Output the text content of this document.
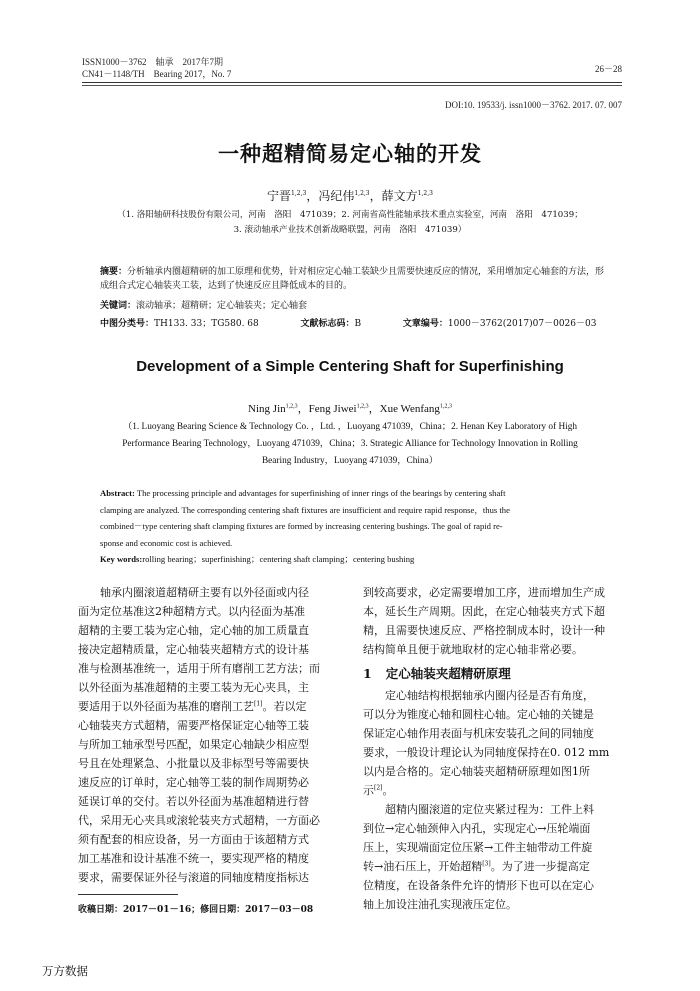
ISSN1000－3762 轴承 2017年7期
CN41－1148/TH Bearing 2017，No. 7	26－28
DOI:10. 19533/j. issn1000－3762. 2017. 07. 007
一种超精简易定心轴的开发
宁晋$^{1,2,3}$，冯纪伟$^{1,2,3}$，薛文方$^{1,2,3}$
（1. 洛阳轴研科技股份有限公司，河南　洛阳　471039；2. 河南省高性能轴承技术重点实验室，河南　洛阳　471039；
3. 滚动轴承产业技术创新战略联盟，河南　洛阳　471039）
摘要：分析轴承内圈超精研的加工原理和优势，针对相应定心轴工装缺少且需要快速反应的情况，采用增加定心轴套的方法，形成组合式定心轴装夹工装，达到了快速反应且降低成本的目的。
关键词：滚动轴承；超精研；定心轴装夹；定心轴套
中图分类号：TH133. 33；TG580. 68	文献标志码：B	文章编号：1000－3762(2017)07－0026－03
Development of a Simple Centering Shaft for Superfinishing
Ning Jin$^{1,2,3}$，Feng Jiwei$^{1,2,3}$，Xue Wenfang$^{1,2,3}$
（1. Luoyang Bearing Science & Technology Co. ，Ltd. ，Luoyang 471039，China；2. Henan Key Laboratory of High
Performance Bearing Technology，Luoyang 471039，China；3. Strategic Alliance for Technology Innovation in Rolling
Bearing Industry，Luoyang 471039，China）
Abstract: The processing principle and advantages for superfinishing of inner rings of the bearings by centering shaft
clamping are analyzed. The corresponding centering shaft fixtures are insufficient and require rapid response，thus the
combined－type centering shaft clamping fixtures are formed by increasing centering bushings. The goal of rapid re-
sponse and economic cost is achieved.
Key words:rolling bearing；superfinishing；centering shaft clamping；centering bushing
轴承内圈滚道超精研主要有以外径面或内径
面为定位基准这2种超精方式。以内径面为基准
超精的主要工装为定心轴，定心轴的加工质量直
接决定超精质量，定心轴装夹超精方式的设计基
准与检测基准统一，适用于所有磨削工艺方法；而
以外径面为基准超精的主要工装为无心夹具，主
要适用于以外径面为基准的磨削工艺[1]。若以定
心轴装夹方式超精，需要严格保证定心轴等工装
与所加工轴承型号匹配，如果定心轴缺少相应型
号且在处理紧急、小批量以及非标型号等需要快
速反应的订单时，定心轴等工装的制作周期势必
延误订单的交付。若以外径面为基准超精进行替
代，采用无心夹具或滚轮装夹方式超精，一方面必
须有配套的相应设备，另一方面由于该超精方式
加工基准和设计基准不统一，要实现严格的精度
要求，需要保证外径与滚道的同轴度精度指标达
收稿日期：2017－01－16；修回日期：2017－03－08
到较高要求，必定需要增加工序，进而增加生产成
本，延长生产周期。因此，在定心轴装夹方式下超
精，且需要快速反应、严格控制成本时，设计一种
结构简单且便于就地取材的定心轴非常必要。
1 定心轴装夹超精研原理
定心轴结构根据轴承内圈内径是否有角度，
可以分为锥度心轴和圆柱心轴。定心轴的关键是
保证定心轴作用表面与机床安装孔之间的同轴度
要求，一般设计理论认为同轴度保持在0. 012 mm
以内是合格的。定心轴装夹超精研原理如图1所
示[2]。
超精内圈滚道的定位夹紧过程为：工件上料
到位→定心轴颈伸入内孔，实现定心→压轮端面
压上，实现端面定位压紧→工件主轴带动工件旋
转→油石压上，开始超精[3]。为了进一步提高定
位精度，在设备条件允许的情形下也可以在定心
轴上加设注油孔实现液压定位。
万方数据
